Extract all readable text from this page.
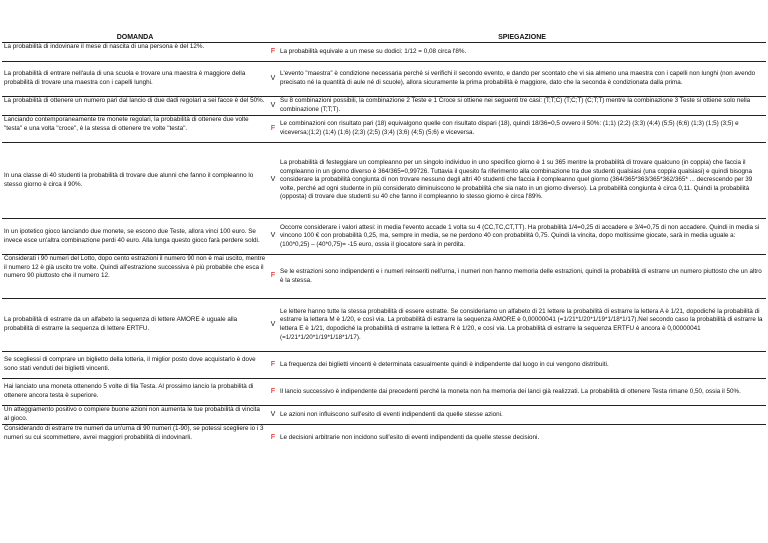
DOMANDA		SPIEGAZIONE
La probabilità di indovinare il mese di nascita di una persona è del 12%.	F	La probabilità equivale a un mese su dodici: 1/12 = 0,08 circa l'8%.
La probabilità di entrare nell'aula di una scuola e trovare una maestra è maggiore della probabilità di trovare una maestra con i capelli lunghi.	V	L'evento "maestra" è condizione necessaria perché si verifichi il secondo evento, e dando per scontato che vi sia almeno una maestra con i capelli non lunghi (non avendo precisato né la quantità di aule né di scuole), allora sicuramente la prima probabilità è maggiore, dato che la seconda è condizionata dalla prima.
La probabilità di ottenere un numero pari dal lancio di due dadi regolari a sei facce è del 50%.	V	Su 8 combinazioni possibili, la combinazione 2 Teste e 1 Croce si ottiene nei seguenti tre casi: (T;T;C) (T;C;T) (C;T;T) mentre la combinazione 3 Teste si ottiene solo nella combinazione (T;T;T).
Lanciando contemporaneamente tre monete regolari, la probabilità di ottenere due volte "testa" e una volta "croce", è la stessa di ottenere tre volte "testa".	F	Le combinazioni con risultato pari (18) equivalgono quelle con risultato dispari (18), quindi 18/36=0,5 ovvero il 50%: (1;1) (2;2) (3;3) (4;4) (5;5) (6;6) (1;3) (1;5) (3;5) e viceversa;(1;2) (1;4) (1;6) (2;3) (2;5) (3;4) (3;6) (4;5) (5;6) e viceversa.
In una classe di 40 studenti la probabilità di trovare due alunni che fanno il compleanno lo stesso giorno è circa il 90%.	V	La probabilità di festeggiare un compleanno per un singolo individuo in uno specifico giorno è 1 su 365 mentre la probabilità di trovare qualcuno (in coppia) che faccia il compleanno in un giorno diverso è 364/365=0,99726. Tuttavia il quesito fa riferimento alla combinazione tra due studenti qualsiasi (una coppia qualsiasi) e quindi bisogna considerare la probabilità congiunta di non trovare nessuno degli altri 40 studenti che faccia il compleanno quel giorno (364/365*363/365*362/365* ... decrescendo per 39 volte, perché ad ogni studente in più considerato diminuiscono le probabilità che sia nato in un giorno diverso). La probabilità congiunta è circa 0,11. Quindi la probabilità (opposta) di trovare due studenti su 40 che fanno il compleanno lo stesso giorno è circa l'89%.
In un ipotetico gioco lanciando due monete, se escono due Teste, allora vinci 100 euro. Se invece esce un'altra combinazione perdi 40 euro. Alla lunga questo gioco farà perdere soldi.	V	Occorre considerare i valori attesi: in media l'evento accade 1 volta su 4 (CC,TC,CT,TT). Ha probabilità 1/4=0,25 di accadere e 3/4=0,75 di non accadere. Quindi in media si vincono 100 € con probabilità 0,25, ma, sempre in media, se ne perdono 40 con probabilità 0,75. Quindi la vincita, dopo moltissime giocate, sarà in media uguale a: (100*0,25) – (40*0,75)= -15 euro, ossia il giocatore sarà in perdita.
Considerati i 90 numeri del Lotto, dopo cento estrazioni il numero 90 non è mai uscito, mentre il numero 12 è già uscito tre volte. Quindi all'estrazione successiva è più probabile che esca il numero 90 piuttosto che il numero 12.	F	Se le estrazioni sono indipendenti e i numeri reinseriti nell'urna, i numeri non hanno memoria delle estrazioni, quindi la probabilità di estrarre un numero piuttosto che un altro è la stessa.
La probabilità di estrarre da un alfabeto la sequenza di lettere AMORE è uguale alla probabilità di estrarre la sequenza di lettere ERTFU.	V	Le lettere hanno tutte la stessa probabilità di essere estratte. Se consideriamo un alfabeto di 21 lettere la probabilità di estrarre la lettera A è 1/21, dopodiché la probabilità di estrarre la lettera M è 1/20, e così via. La probabilità di estrarre la sequenza AMORE è 0,00000041 (=1/21*1/20*1/19*1/18*1/17).Nel secondo caso la probabilità di estrarre la lettera E è 1/21, dopodiché la probabilità di estrarre la lettera R è 1/20, e così via. La probabilità di estrarre la sequenza ERTFU è ancora è 0,00000041 (=1/21*1/20*1/19*1/18*1/17).
Se scegliessi di comprare un biglietto della lotteria, il miglior posto dove acquistarlo è dove sono stati venduti dei biglietti vincenti.	F	La frequenza dei biglietti vincenti è determinata casualmente quindi è indipendente dal luogo in cui vengono distribuiti.
Hai lanciato una moneta ottenendo 5 volte di fila Testa. Al prossimo lancio la probabilità di ottenere ancora testa è superiore.	F	Il lancio successivo è indipendente dai precedenti perché la moneta non ha memoria dei lanci già realizzati. La probabilità di ottenere Testa rimane 0,50, ossia il 50%.
Un atteggiamento positivo o compiere buone azioni non aumenta le tue probabilità di vincita al gioco.	V	Le azioni non influiscono sull'esito di eventi indipendenti da quelle stesse azioni.
Considerando di estrarre tre numeri da un'urna di 90 numeri (1-90), se potessi scegliere io i 3 numeri su cui scommettere, avrei maggiori probabilità di indovinarli.	F	Le decisioni arbitrarie non incidono sull'esito di eventi indipendenti da quelle stesse decisioni.
